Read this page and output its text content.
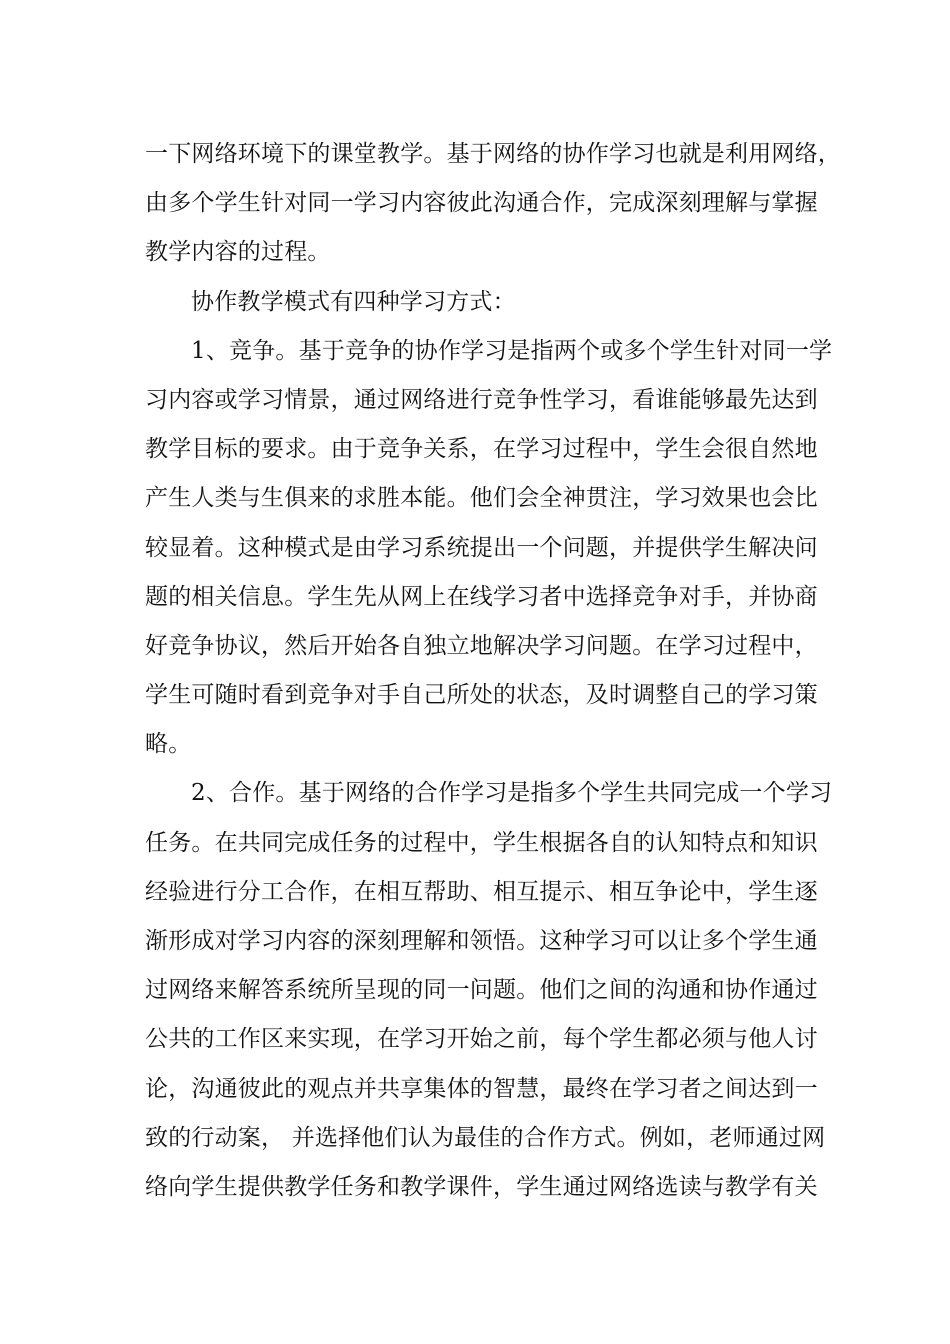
一下网络环境下的课堂教学。基于网络的协作学习也就是利用网络，
由多个学生针对同一学习内容彼此沟通合作，完成深刻理解与掌握
教学内容的过程。
协作教学模式有四种学习方式：
1、竞争。基于竞争的协作学习是指两个或多个学生针对同一学
习内容或学习情景，通过网络进行竞争性学习，看谁能够最先达到
教学目标的要求。由于竞争关系，在学习过程中，学生会很自然地
产生人类与生俱来的求胜本能。他们会全神贯注，学习效果也会比
较显着。这种模式是由学习系统提出一个问题，并提供学生解决问
题的相关信息。学生先从网上在线学习者中选择竞争对手，并协商
好竞争协议，然后开始各自独立地解决学习问题。在学习过程中，
学生可随时看到竞争对手自己所处的状态，及时调整自己的学习策
略。
2、合作。基于网络的合作学习是指多个学生共同完成一个学习
任务。在共同完成任务的过程中，学生根据各自的认知特点和知识
经验进行分工合作，在相互帮助、相互提示、相互争论中，学生逐
渐形成对学习内容的深刻理解和领悟。这种学习可以让多个学生通
过网络来解答系统所呈现的同一问题。他们之间的沟通和协作通过
公共的工作区来实现，在学习开始之前，每个学生都必须与他人讨
论，沟通彼此的观点并共享集体的智慧，最终在学习者之间达到一
致的行动案， 并选择他们认为最佳的合作方式。例如，老师通过网
络向学生提供教学任务和教学课件，学生通过网络选读与教学有关
